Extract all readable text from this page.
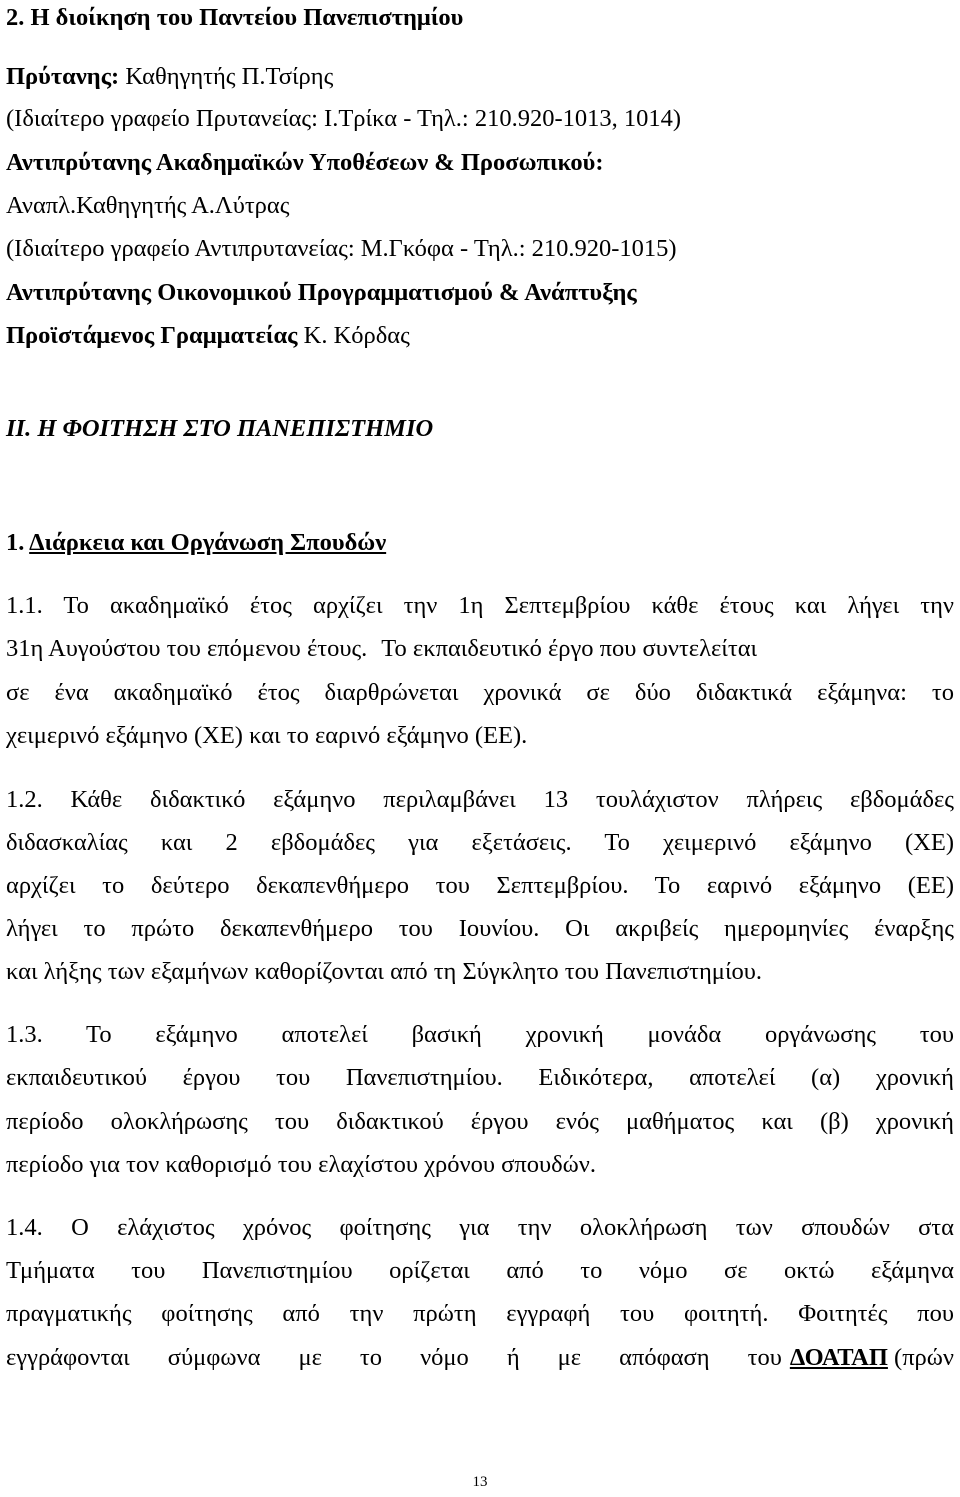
2. Η διοίκηση του Παντείου Πανεπιστημίου
Πρύτανης: Καθηγητής Π.Τσίρης
(Ιδιαίτερο γραφείο Πρυτανείας: Ι.Τρίκα - Τηλ.: 210.920-1013, 1014)
Αντιπρύτανης Ακαδημαϊκών Υποθέσεων & Προσωπικού:
Αναπλ.Καθηγητής Α.Λύτρας
(Ιδιαίτερο γραφείο Αντιπρυτανείας: Μ.Γκόφα - Τηλ.: 210.920-1015)
Αντιπρύτανης Οικονομικού Προγραμματισμού & Ανάπτυξης
Προϊστάμενος Γραμματείας Κ. Κόρδας
ΙΙ. Η ΦΟΙΤΗΣΗ ΣΤΟ ΠΑΝΕΠΙΣΤΗΜΙΟ
1. Διάρκεια και Οργάνωση Σπουδών
1.1. Το ακαδημαϊκό έτος αρχίζει την 1η Σεπτεμβρίου κάθε έτους και λήγει την
31η Αυγούστου του επόμενου έτους. Το εκπαιδευτικό έργο που συντελείται
σε ένα ακαδημαϊκό έτος διαρθρώνεται χρονικά σε δύο διδακτικά εξάμηνα: το
χειμερινό εξάμηνο (ΧΕ) και το εαρινό εξάμηνο (ΕΕ).
1.2. Κάθε διδακτικό εξάμηνο περιλαμβάνει 13 τουλάχιστον πλήρεις εβδομάδες
διδασκαλίας και 2 εβδομάδες για εξετάσεις. Το χειμερινό εξάμηνο (ΧΕ)
αρχίζει το δεύτερο δεκαπενθήμερο του Σεπτεμβρίου. Το εαρινό εξάμηνο (ΕΕ)
λήγει το πρώτο δεκαπενθήμερο του Ιουνίου. Οι ακριβείς ημερομηνίες έναρξης
και λήξης των εξαμήνων καθορίζονται από τη Σύγκλητο του Πανεπιστημίου.
1.3. Το εξάμηνο αποτελεί βασική χρονική μονάδα οργάνωσης του
εκπαιδευτικού έργου του Πανεπιστημίου. Ειδικότερα, αποτελεί (α) χρονική
περίοδο ολοκλήρωσης του διδακτικού έργου ενός μαθήματος και (β) χρονική
περίοδο για τον καθορισμό του ελαχίστου χρόνου σπουδών.
1.4. Ο ελάχιστος χρόνος φοίτησης για την ολοκλήρωση των σπουδών στα
Τμήματα του Πανεπιστημίου ορίζεται από το νόμο σε οκτώ εξάμηνα
πραγματικής φοίτησης από την πρώτη εγγραφή του φοιτητή. Φοιτητές που
εγγράφονται σύμφωνα με το νόμο ή με απόφαση του ΔΟΑΤΑΠ (πρών
13
